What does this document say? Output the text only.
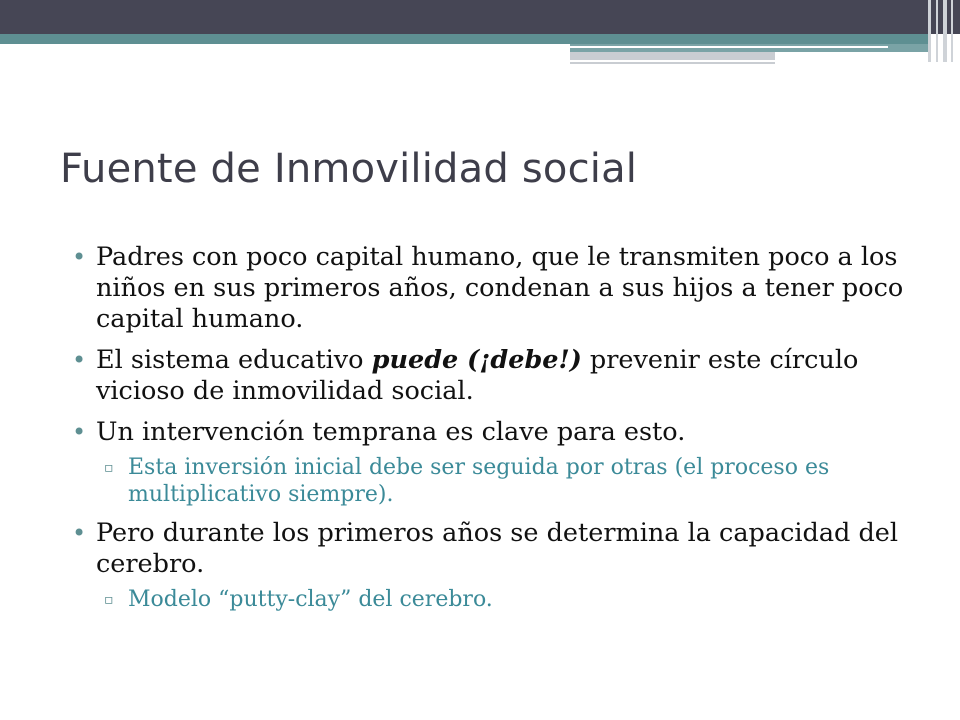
Fuente de Inmovilidad social
• Padres con poco capital humano, que le transmiten poco a los niños en sus primeros años, condenan a sus hijos a tener poco capital humano.
• El sistema educativo puede (¡debe!) prevenir este círculo vicioso de inmovilidad social.
• Un intervención temprana es clave para esto.
▫ Esta inversión inicial debe ser seguida por otras (el proceso es multiplicativo siempre).
• Pero durante los primeros años se determina la capacidad del cerebro.
▫ Modelo “putty-clay” del cerebro.
